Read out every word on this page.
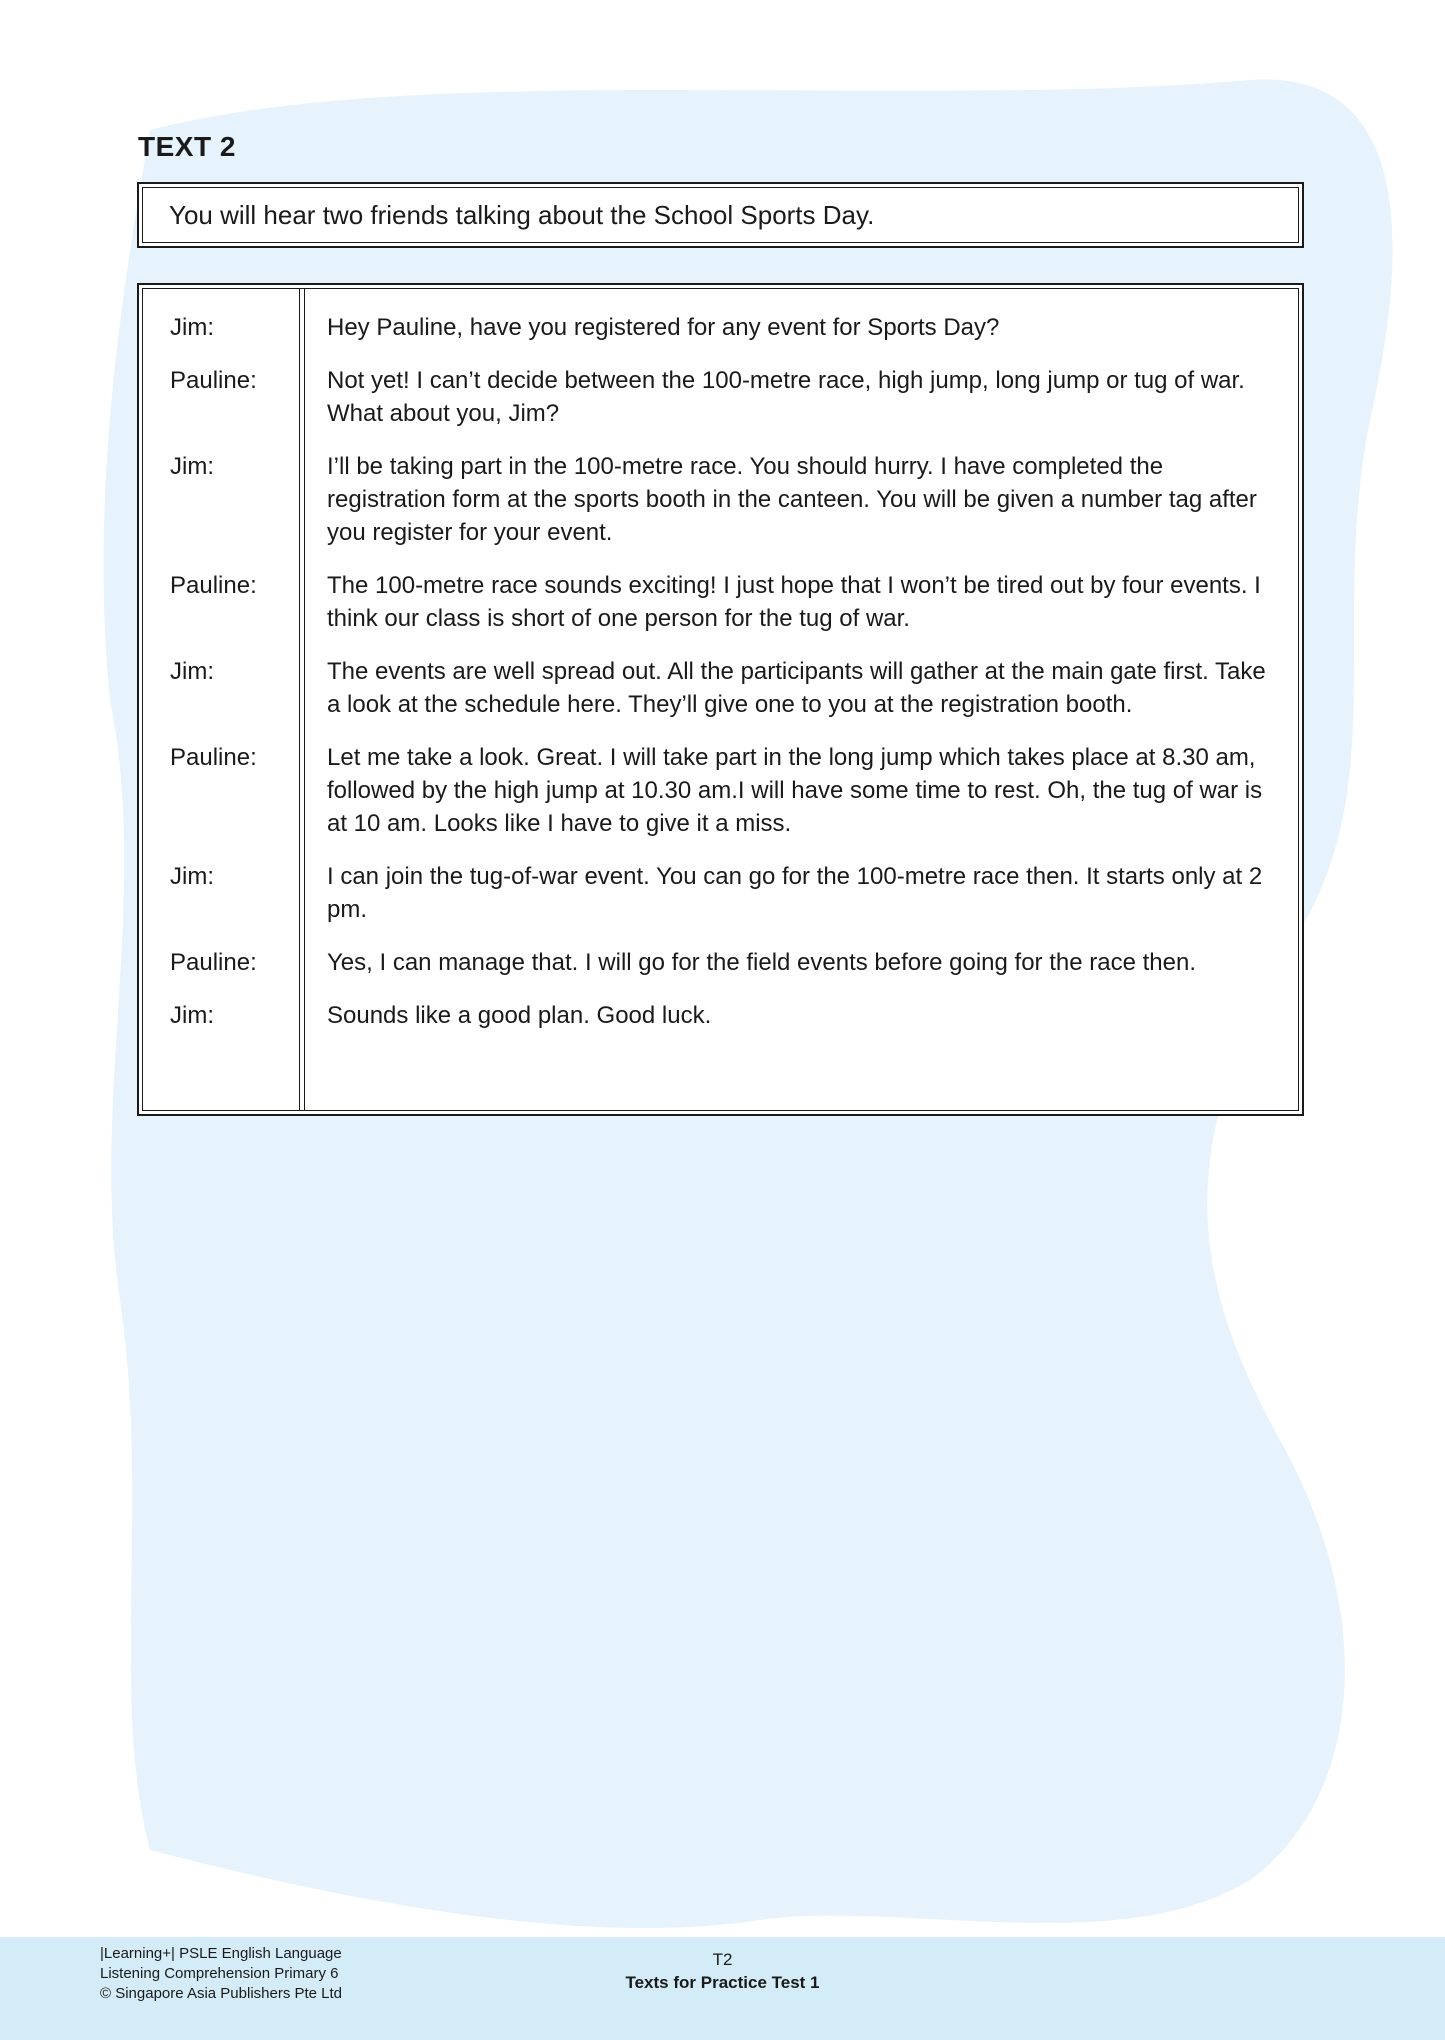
TEXT 2
You will hear two friends talking about the School Sports Day.
Jim:	Hey Pauline, have you registered for any event for Sports Day?
Pauline:	Not yet! I can’t decide between the 100-metre race, high jump, long jump or tug of war. What about you, Jim?
Jim:	I’ll be taking part in the 100-metre race. You should hurry. I have completed the registration form at the sports booth in the canteen. You will be given a number tag after you register for your event.
Pauline:	The 100-metre race sounds exciting! I just hope that I won’t be tired out by four events. I think our class is short of one person for the tug of war.
Jim:	The events are well spread out. All the participants will gather at the main gate first. Take a look at the schedule here. They’ll give one to you at the registration booth.
Pauline:	Let me take a look. Great. I will take part in the long jump which takes place at 8.30 am, followed by the high jump at 10.30 am.I will have some time to rest. Oh, the tug of war is at 10 am. Looks like I have to give it a miss.
Jim:	I can join the tug-of-war event. You can go for the 100-metre race then. It starts only at 2 pm.
Pauline:	Yes, I can manage that. I will go for the field events before going for the race then.
Jim:	Sounds like a good plan. Good luck.
|Learning+| PSLE English Language
Listening Comprehension Primary 6
© Singapore Asia Publishers Pte Ltd
T2
Texts for Practice Test 1
